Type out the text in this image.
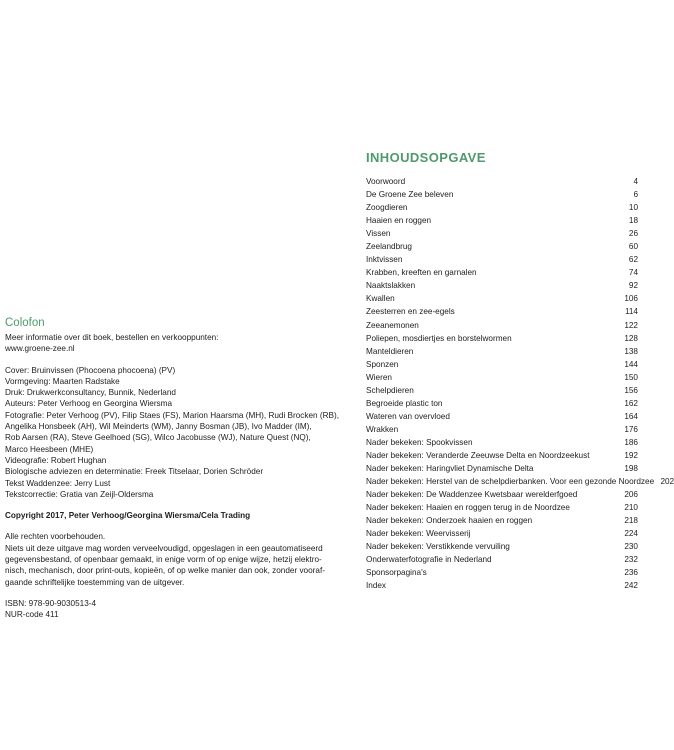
Colofon
Meer informatie over dit boek, bestellen en verkooppunten:
www.groene-zee.nl
Cover: Bruinvissen (Phocoena phocoena) (PV)
Vormgeving: Maarten Radstake
Druk: Drukwerkconsultancy, Bunnik, Nederland
Auteurs: Peter Verhoog en Georgina Wiersma
Fotografie: Peter Verhoog (PV), Filip Staes (FS), Marion Haarsma (MH), Rudi Brocken (RB),
Angelika Honsbeek (AH), Wil Meinderts (WM), Janny Bosman (JB), Ivo Madder (IM),
Rob Aarsen (RA), Steve Geelhoed (SG), Wilco Jacobusse (WJ), Nature Quest (NQ),
Marco Heesbeen (MHE)
Videografie: Robert Hughan
Biologische adviezen en determinatie: Freek Titselaar, Dorien Schröder
Tekst Waddenzee: Jerry Lust
Tekstcorrectie: Gratia van Zeijl-Oldersma
Copyright 2017, Peter Verhoog/Georgina Wiersma/Cela Trading
Alle rechten voorbehouden.
Niets uit deze uitgave mag worden verveelvoudigd, opgeslagen in een geautomatiseerd
gegevensbestand, of openbaar gemaakt, in enige vorm of op enige wijze, hetzij elektro-
nisch, mechanisch, door print-outs, kopieën, of op welke manier dan ook, zonder vooraf-
gaande schriftelijke toestemming van de uitgever.
ISBN: 978-90-9030513-4
NUR-code 411
INHOUDSOPGAVE
Voorwoord	4
De Groene Zee beleven	6
Zoogdieren	10
Haaien en roggen	18
Vissen	26
Zeelandbrug	60
Inktvissen	62
Krabben, kreeften en garnalen	74
Naaktslakken	92
Kwallen	106
Zeesterren en zee-egels	114
Zeeanemonen	122
Poliepen, mosdiertjes en borstelwormen	128
Manteldieren	138
Sponzen	144
Wieren	150
Schelpdieren	156
Begroeide plastic ton	162
Wateren van overvloed	164
Wrakken	176
Nader bekeken: Spookvissen	186
Nader bekeken: Veranderde Zeeuwse Delta en Noordzeekust	192
Nader bekeken: Haringvliet Dynamische Delta	198
Nader bekeken: Herstel van de schelpdierbanken. Voor een gezonde Noordzee 202
Nader bekeken: De Waddenzee Kwetsbaar werelderfgoed	206
Nader bekeken: Haaien en roggen terug in de Noordzee	210
Nader bekeken: Onderzoek haaien en roggen	218
Nader bekeken: Weervisserij	224
Nader bekeken: Verstikkende vervuiling	230
Onderwaterfotografie in Nederland	232
Sponsorpagina's	236
Index	242
